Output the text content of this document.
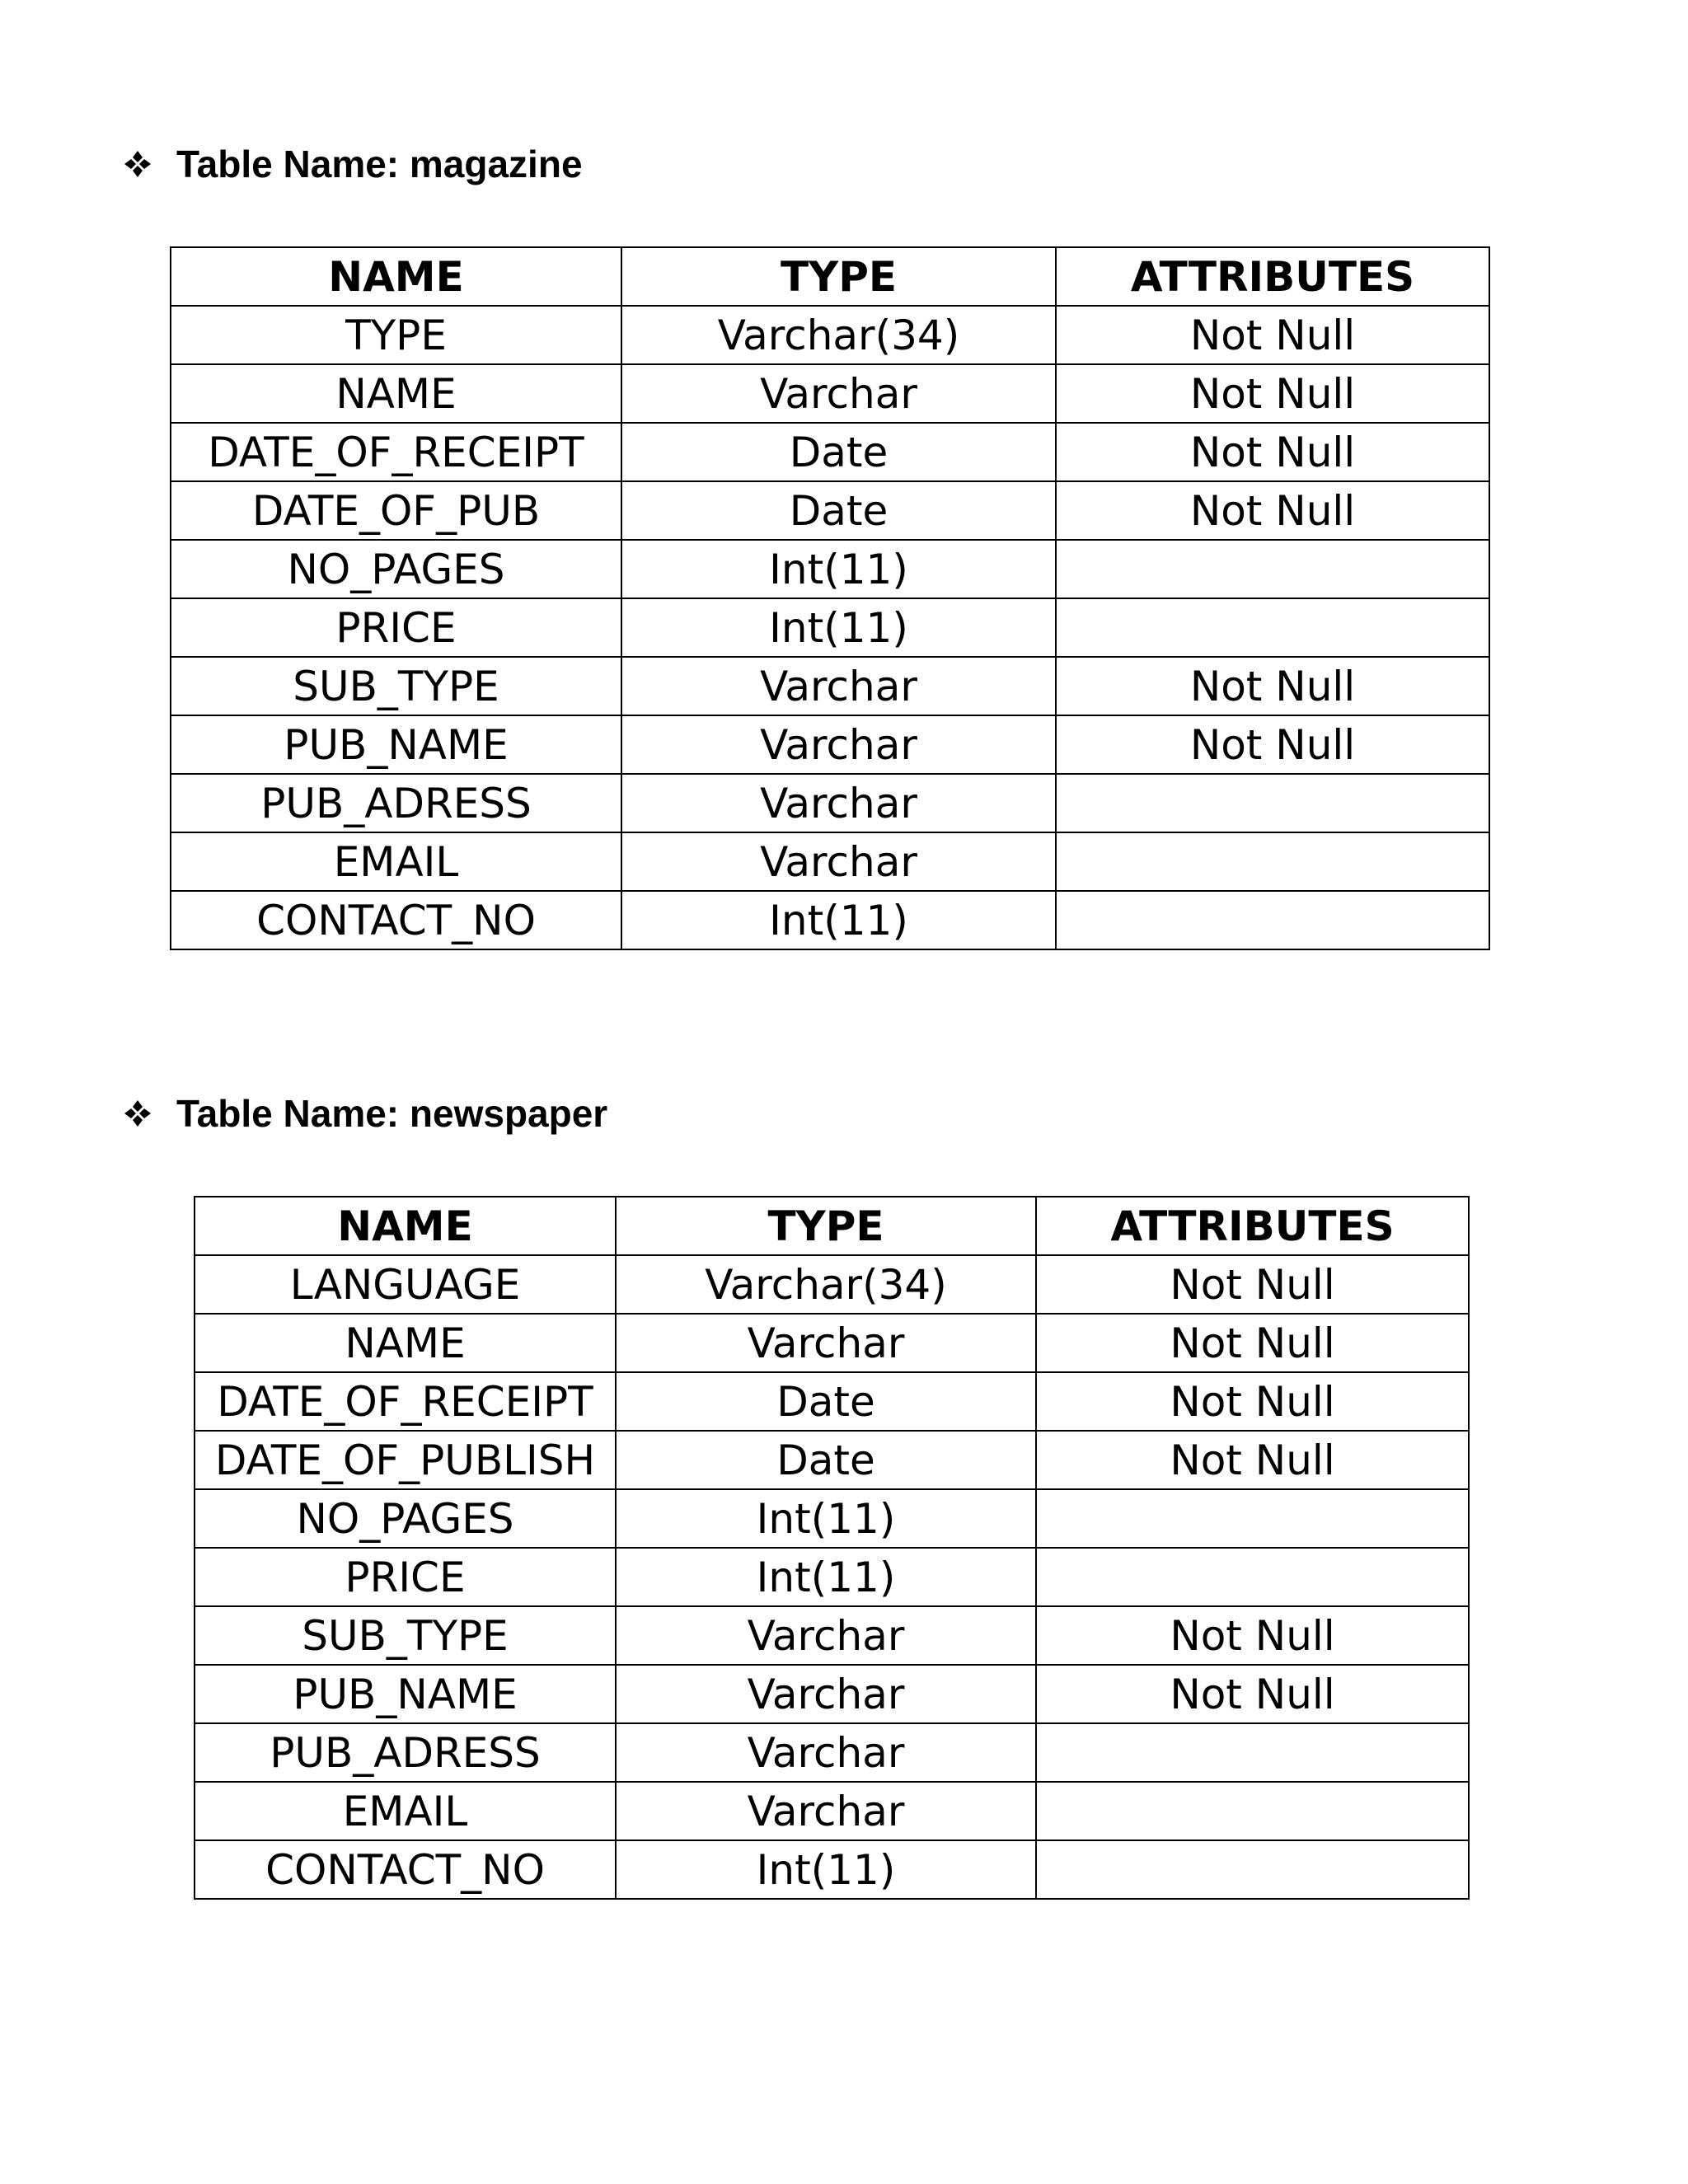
Table Name: magazine
NAME	TYPE	ATTRIBUTES
TYPE	Varchar(34)	Not Null
NAME	Varchar	Not Null
DATE_OF_RECEIPT	Date	Not Null
DATE_OF_PUB	Date	Not Null
NO_PAGES	Int(11)	
PRICE	Int(11)	
SUB_TYPE	Varchar	Not Null
PUB_NAME	Varchar	Not Null
PUB_ADRESS	Varchar	
EMAIL	Varchar	
CONTACT_NO	Int(11)	
Table Name: newspaper
NAME	TYPE	ATTRIBUTES
LANGUAGE	Varchar(34)	Not Null
NAME	Varchar	Not Null
DATE_OF_RECEIPT	Date	Not Null
DATE_OF_PUBLISH	Date	Not Null
NO_PAGES	Int(11)	
PRICE	Int(11)	
SUB_TYPE	Varchar	Not Null
PUB_NAME	Varchar	Not Null
PUB_ADRESS	Varchar	
EMAIL	Varchar	
CONTACT_NO	Int(11)	
